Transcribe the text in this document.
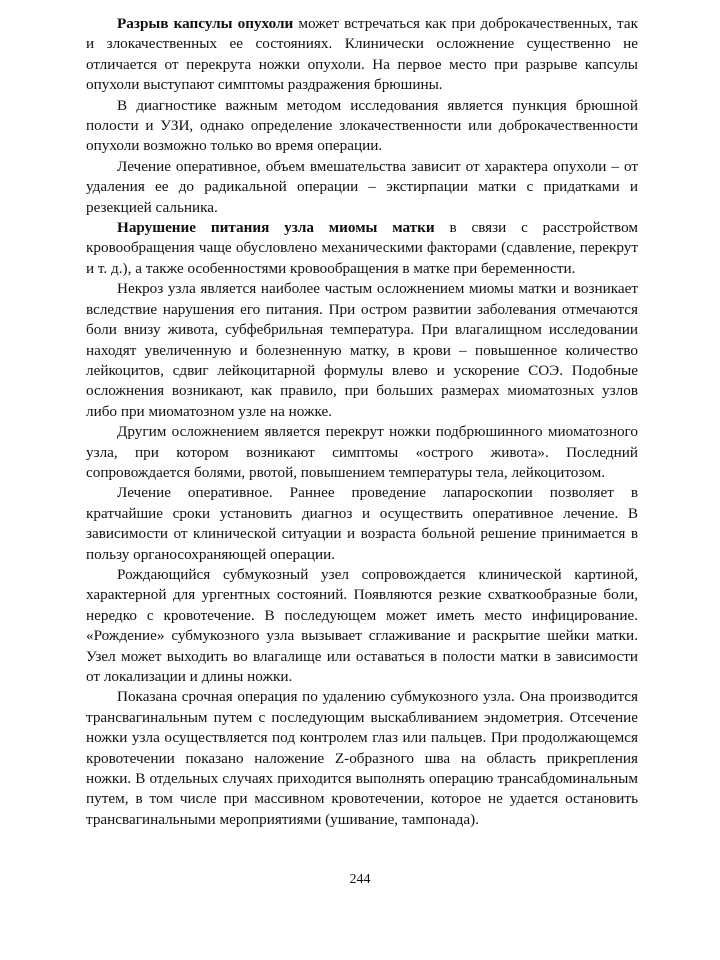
Разрыв капсулы опухоли может встречаться как при доброкачественных, так и злокачественных ее состояниях. Клинически осложнение существенно не отличается от перекрута ножки опухоли. На первое место при разрыве капсулы опухоли выступают симптомы раздражения брюшины.

В диагностике важным методом исследования является пункция брюшной полости и УЗИ, однако определение злокачественности или доброкачественности опухоли возможно только во время операции.

Лечение оперативное, объем вмешательства зависит от характера опухоли – от удаления ее до радикальной операции – экстирпации матки с придатками и резекцией сальника.

Нарушение питания узла миомы матки в связи с расстройством кровообращения чаще обусловлено механическими факторами (сдавление, перекрут и т. д.), а также особенностями кровообращения в матке при беременности.

Некроз узла является наиболее частым осложнением миомы матки и возникает вследствие нарушения его питания. При остром развитии заболевания отмечаются боли внизу живота, субфебрильная температура. При влагалищном исследовании находят увеличенную и болезненную матку, в крови – повышенное количество лейкоцитов, сдвиг лейкоцитарной формулы влево и ускорение СОЭ. Подобные осложнения возникают, как правило, при больших размерах миоматозных узлов либо при миоматозном узле на ножке.

Другим осложнением является перекрут ножки подбрюшинного миоматозного узла, при котором возникают симптомы «острого живота». Последний сопровождается болями, рвотой, повышением температуры тела, лейкоцитозом.

Лечение оперативное. Раннее проведение лапароскопии позволяет в кратчайшие сроки установить диагноз и осуществить оперативное лечение. В зависимости от клинической ситуации и возраста больной решение принимается в пользу органосохраняющей операции.

Рождающийся субмукозный узел сопровождается клинической картиной, характерной для ургентных состояний. Появляются резкие схваткообразные боли, нередко с кровотечение. В последующем может иметь место инфицирование. «Рождение» субмукозного узла вызывает сглаживание и раскрытие шейки матки. Узел может выходить во влагалище или оставаться в полости матки в зависимости от локализации и длины ножки.

Показана срочная операция по удалению субмукозного узла. Она производится трансвагинальным путем с последующим выскабливанием эндометрия. Отсечение ножки узла осуществляется под контролем глаз или пальцев. При продолжающемся кровотечении показано наложение Z-образного шва на область прикрепления ножки. В отдельных случаях приходится выполнять операцию трансабдоминальным путем, в том числе при массивном кровотечении, которое не удается остановить трансвагинальными мероприятиями (ушивание, тампонада).

244
